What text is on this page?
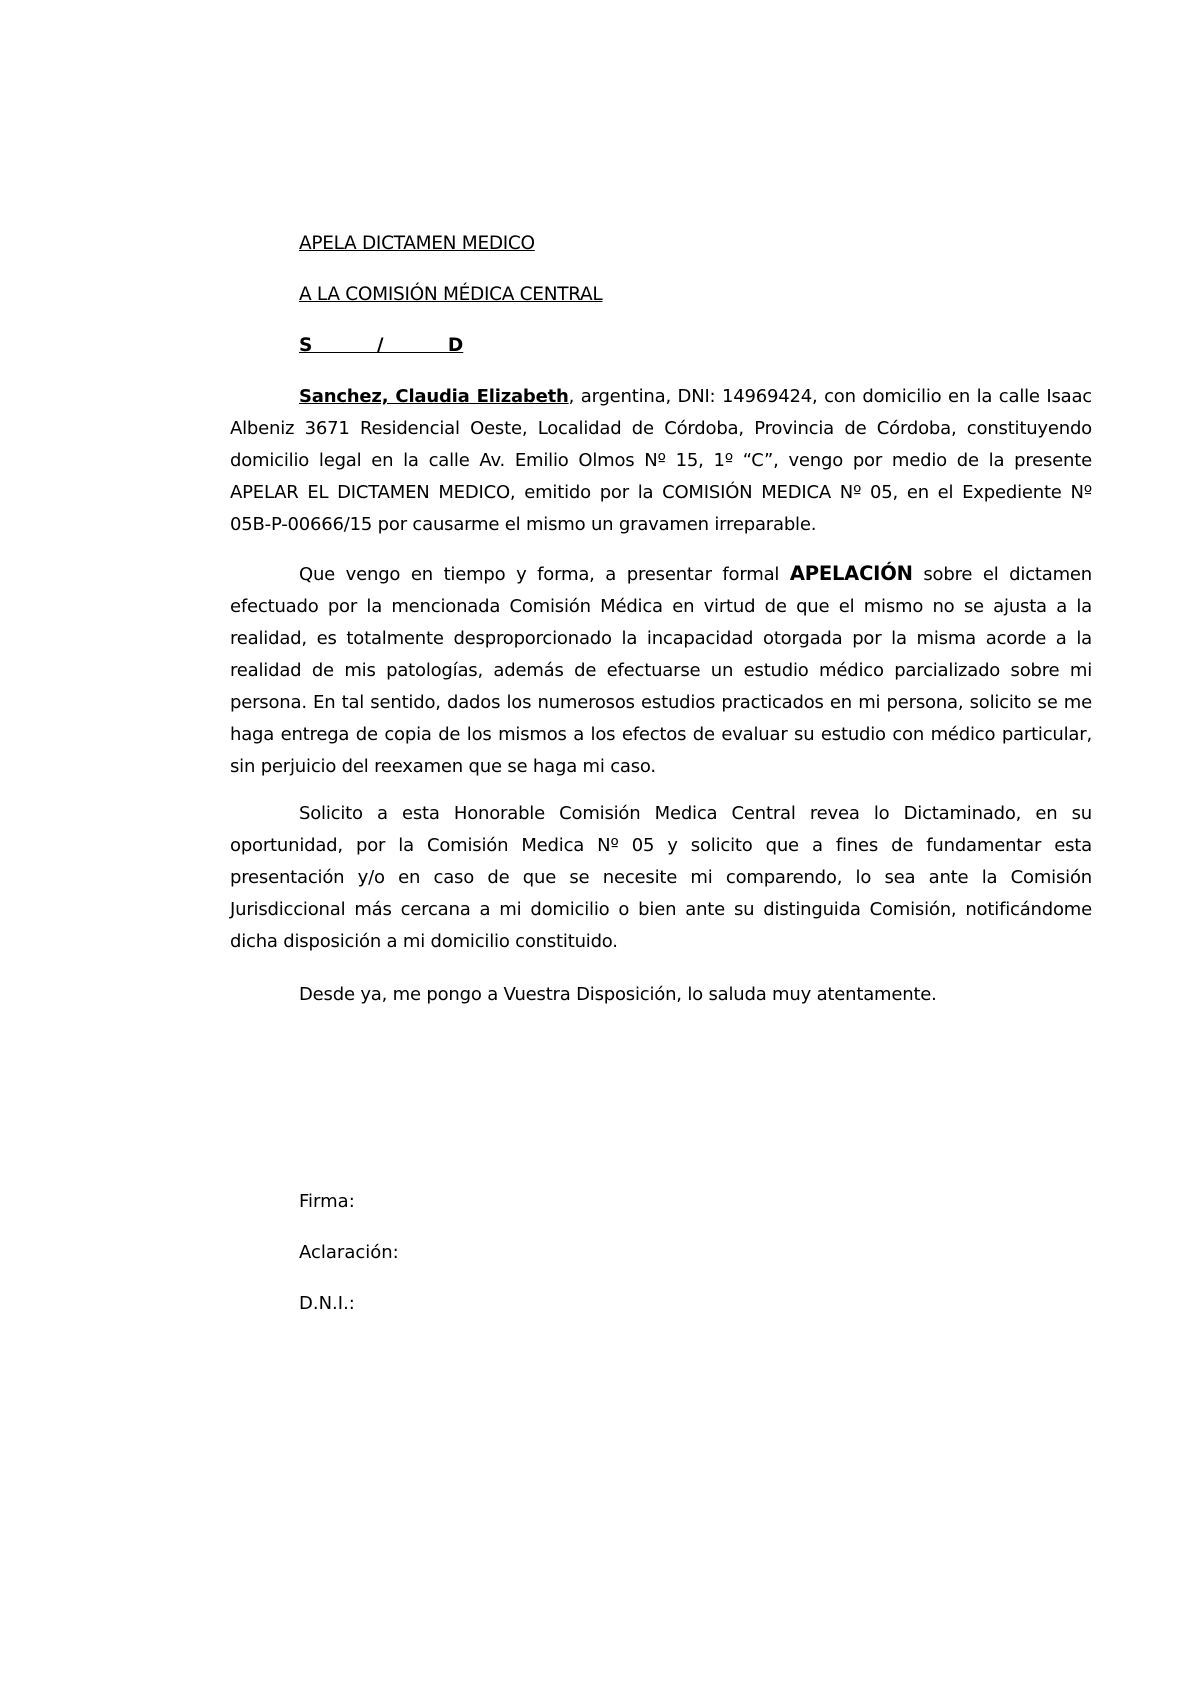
APELA DICTAMEN MEDICO
A LA COMISIÓN MÉDICA CENTRAL
S          /          D

Sanchez, Claudia Elizabeth, argentina, DNI: 14969424, con domicilio en la calle Isaac Albeniz 3671 Residencial Oeste, Localidad de Córdoba, Provincia de Córdoba, constituyendo domicilio legal en la calle Av. Emilio Olmos Nº 15, 1º “C”, vengo por medio de la presente APELAR EL DICTAMEN MEDICO, emitido por la COMISIÓN MEDICA Nº 05, en el Expediente Nº 05B-P-00666/15 por causarme el mismo un gravamen irreparable.

Que vengo en tiempo y forma, a presentar formal APELACIÓN sobre el dictamen efectuado por la mencionada Comisión Médica en virtud de que el mismo no se ajusta a la realidad, es totalmente desproporcionado la incapacidad otorgada por la misma acorde a la realidad de mis patologías, además de efectuarse un estudio médico parcializado sobre mi persona. En tal sentido, dados los numerosos estudios practicados en mi persona, solicito se me haga entrega de copia de los mismos a los efectos de evaluar su estudio con médico particular, sin perjuicio del reexamen que se haga mi caso.

Solicito a esta Honorable Comisión Medica Central revea lo Dictaminado, en su oportunidad, por la Comisión Medica Nº 05 y solicito que a fines de fundamentar esta presentación y/o en caso de que se necesite mi comparendo, lo sea ante la Comisión Jurisdiccional más cercana a mi domicilio o bien ante su distinguida Comisión, notificándome dicha disposición a mi domicilio constituido.

Desde ya, me pongo a Vuestra Disposición, lo saluda muy atentamente.
Firma:
Aclaración:
D.N.I.:
